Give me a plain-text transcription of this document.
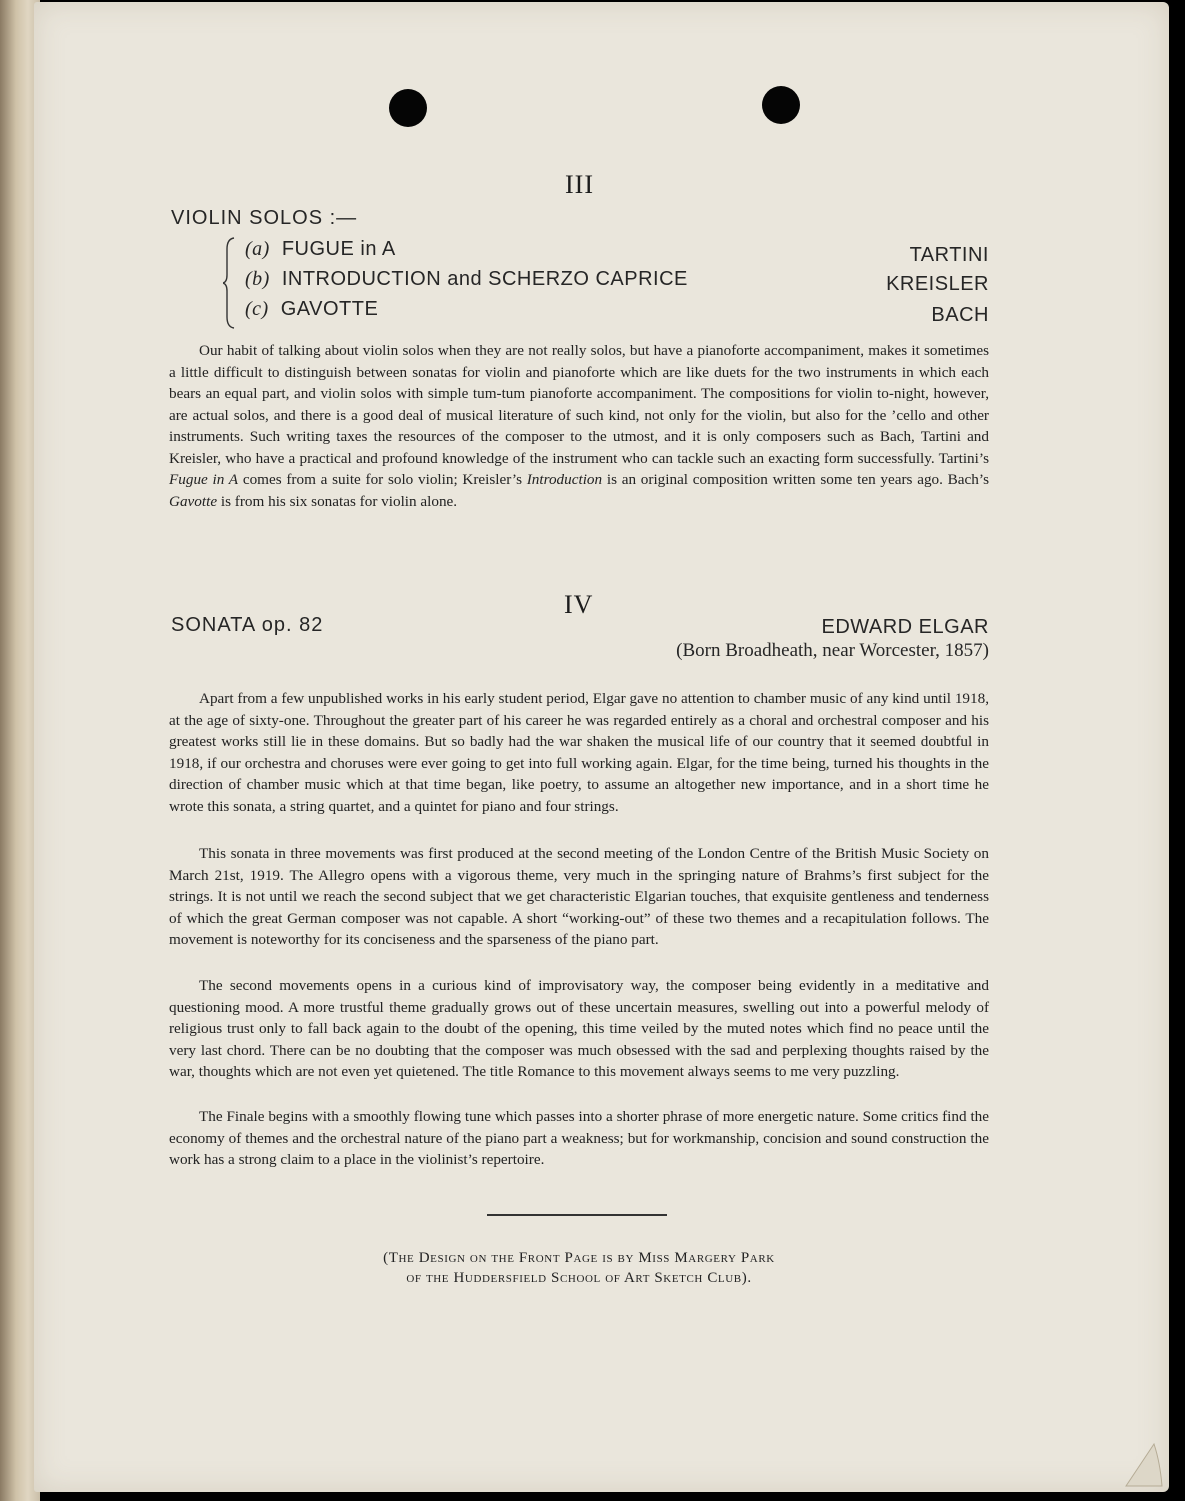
III
VIOLIN SOLOS :—
(a) FUGUE in A	TARTINI
(b) INTRODUCTION and SCHERZO CAPRICE	KREISLER
(c) GAVOTTE	BACH

Our habit of talking about violin solos when they are not really solos, but have a pianoforte accompaniment, makes it sometimes a little difficult to distinguish between sonatas for violin and pianoforte which are like duets for the two instruments in which each bears an equal part, and violin solos with simple tum-tum pianoforte accompaniment. The compositions for violin to-night, however, are actual solos, and there is a good deal of musical literature of such kind, not only for the violin, but also for the ’cello and other instruments. Such writing taxes the resources of the composer to the utmost, and it is only composers such as Bach, Tartini and Kreisler, who have a practical and profound knowledge of the instrument who can tackle such an exacting form successfully. Tartini’s Fugue in A comes from a suite for solo violin; Kreisler’s Introduction is an original composition written some ten years ago. Bach’s Gavotte is from his six sonatas for violin alone.

IV
SONATA op. 82	EDWARD ELGAR
(Born Broadheath, near Worcester, 1857)

Apart from a few unpublished works in his early student period, Elgar gave no attention to chamber music of any kind until 1918, at the age of sixty-one. Throughout the greater part of his career he was regarded entirely as a choral and orchestral composer and his greatest works still lie in these domains. But so badly had the war shaken the musical life of our country that it seemed doubtful in 1918, if our orchestra and choruses were ever going to get into full working again. Elgar, for the time being, turned his thoughts in the direction of chamber music which at that time began, like poetry, to assume an altogether new importance, and in a short time he wrote this sonata, a string quartet, and a quintet for piano and four strings.

This sonata in three movements was first produced at the second meeting of the London Centre of the British Music Society on March 21st, 1919. The Allegro opens with a vigorous theme, very much in the springing nature of Brahms’s first subject for the strings. It is not until we reach the second subject that we get characteristic Elgarian touches, that exquisite gentleness and tenderness of which the great German composer was not capable. A short “working-out” of these two themes and a recapitulation follows. The movement is noteworthy for its conciseness and the sparseness of the piano part.

The second movements opens in a curious kind of improvisatory way, the composer being evidently in a meditative and questioning mood. A more trustful theme gradually grows out of these uncertain measures, swelling out into a powerful melody of religious trust only to fall back again to the doubt of the opening, this time veiled by the muted notes which find no peace until the very last chord. There can be no doubting that the composer was much obsessed with the sad and perplexing thoughts raised by the war, thoughts which are not even yet quietened. The title Romance to this movement always seems to me very puzzling.

The Finale begins with a smoothly flowing tune which passes into a shorter phrase of more energetic nature. Some critics find the economy of themes and the orchestral nature of the piano part a weakness; but for workmanship, concision and sound construction the work has a strong claim to a place in the violinist’s repertoire.

(The Design on the Front Page is by Miss Margery Park
of the Huddersfield School of Art Sketch Club).
